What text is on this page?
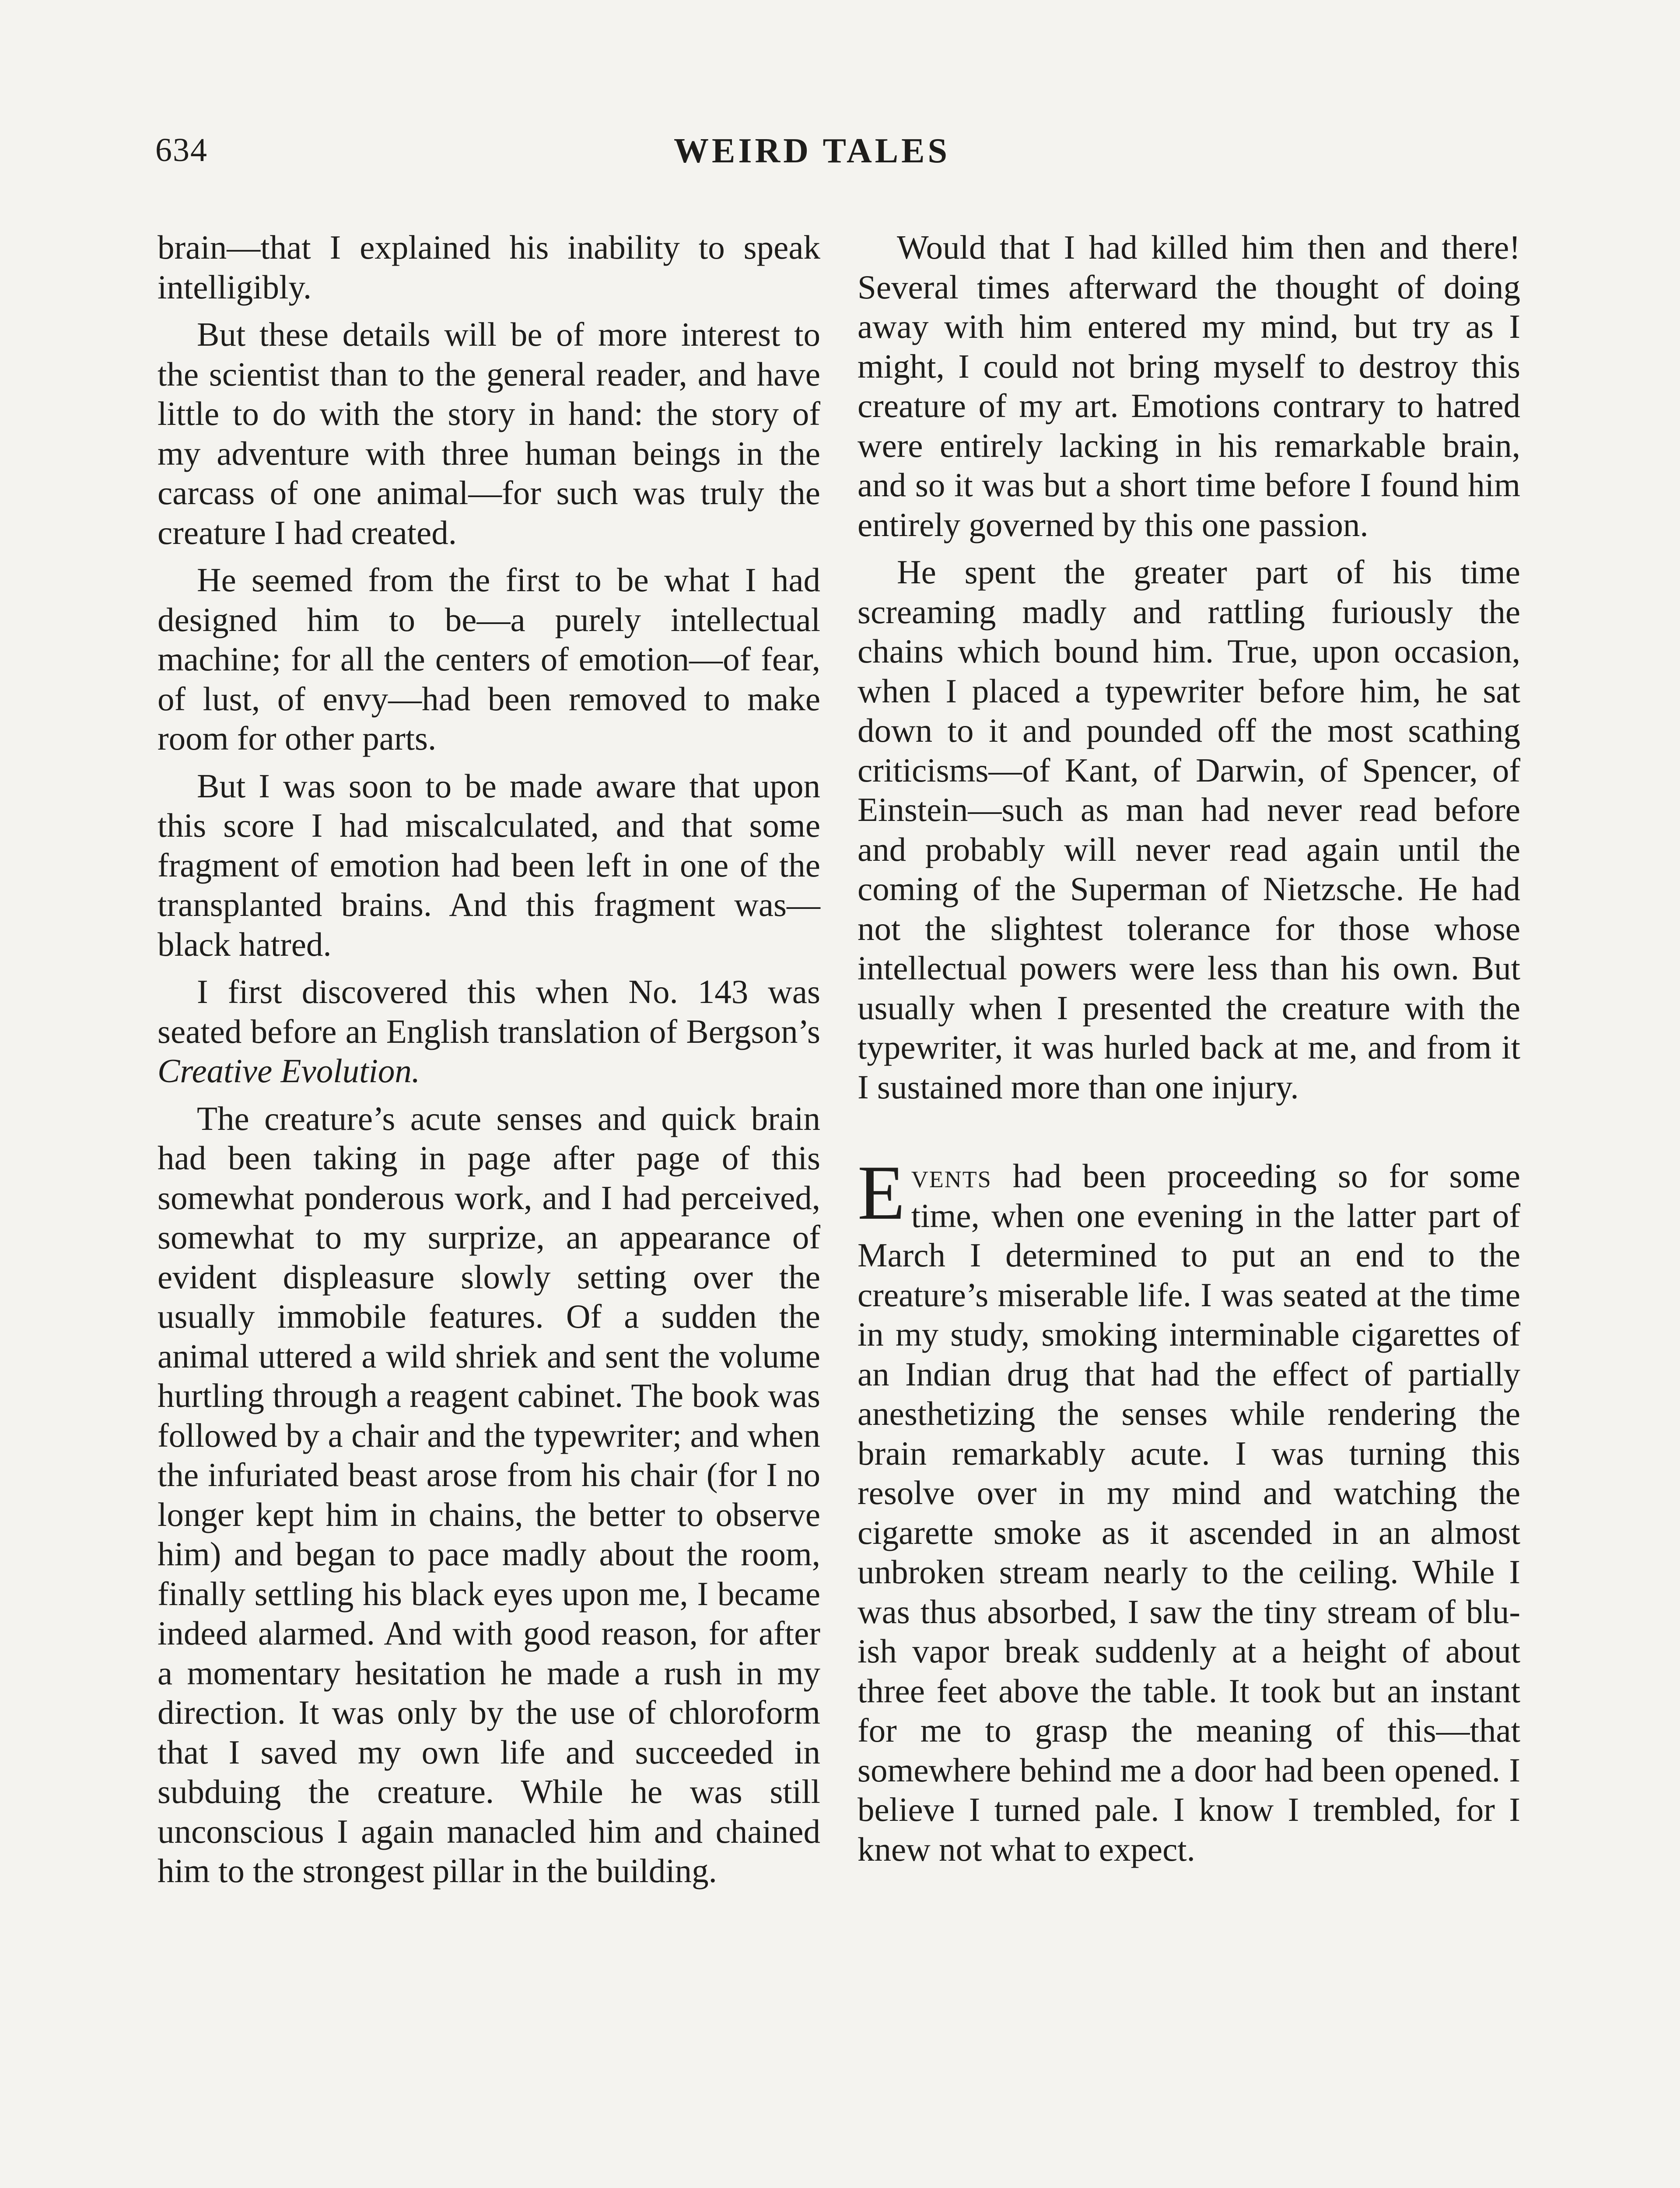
634	WEIRD TALES

brain—that I explained his inability to speak intelligibly.

But these details will be of more interest to the scientist than to the general reader, and have little to do with the story in hand: the story of my adventure with three human beings in the carcass of one animal—for such was truly the creature I had created.

He seemed from the first to be what I had designed him to be—a purely intellectual machine; for all the centers of emotion—of fear, of lust, of envy—had been removed to make room for other parts.

But I was soon to be made aware that upon this score I had miscalculated, and that some fragment of emotion had been left in one of the transplanted brains. And this fragment was—black hatred.

I first discovered this when No. 143 was seated before an English translation of Bergson’s Creative Evolution.

The creature’s acute senses and quick brain had been taking in page after page of this somewhat ponderous work, and I had perceived, somewhat to my surprize, an appearance of evident displeasure slowly setting over the usually immobile features. Of a sudden the animal uttered a wild shriek and sent the volume hurtling through a reagent cabinet. The book was followed by a chair and the typewriter; and when the infuriated beast arose from his chair (for I no longer kept him in chains, the better to observe him) and began to pace madly about the room, finally settling his black eyes upon me, I became indeed alarmed. And with good reason, for after a momentary hesitation he made a rush in my direction. It was only by the use of chloroform that I saved my own life and succeeded in subduing the creature. While he was still unconscious I again manacled him and chained him to the strongest pillar in the building.

Would that I had killed him then and there! Several times afterward the thought of doing away with him entered my mind, but try as I might, I could not bring myself to destroy this creature of my art. Emotions contrary to hatred were entirely lacking in his remarkable brain, and so it was but a short time before I found him entirely governed by this one passion.

He spent the greater part of his time screaming madly and rattling furiously the chains which bound him. True, upon occasion, when I placed a typewriter before him, he sat down to it and pounded off the most scathing criticisms—of Kant, of Darwin, of Spencer, of Einstein—such as man had never read before and probably will never read again until the coming of the Superman of Nietzsche. He had not the slightest tolerance for those whose intellectual powers were less than his own. But usually when I presented the creature with the typewriter, it was hurled back at me, and from it I sustained more than one injury.

Events had been proceeding so for some time, when one evening in the latter part of March I determined to put an end to the creature’s miserable life. I was seated at the time in my study, smoking interminable cigarettes of an Indian drug that had the effect of partially anesthetizing the senses while rendering the brain remarkably acute. I was turning this resolve over in my mind and watching the cigarette smoke as it ascended in an almost unbroken stream nearly to the ceiling. While I was thus absorbed, I saw the tiny stream of bluish vapor break suddenly at a height of about three feet above the table. It took but an instant for me to grasp the meaning of this—that somewhere behind me a door had been opened. I believe I turned pale. I know I trembled, for I knew not what to expect.
